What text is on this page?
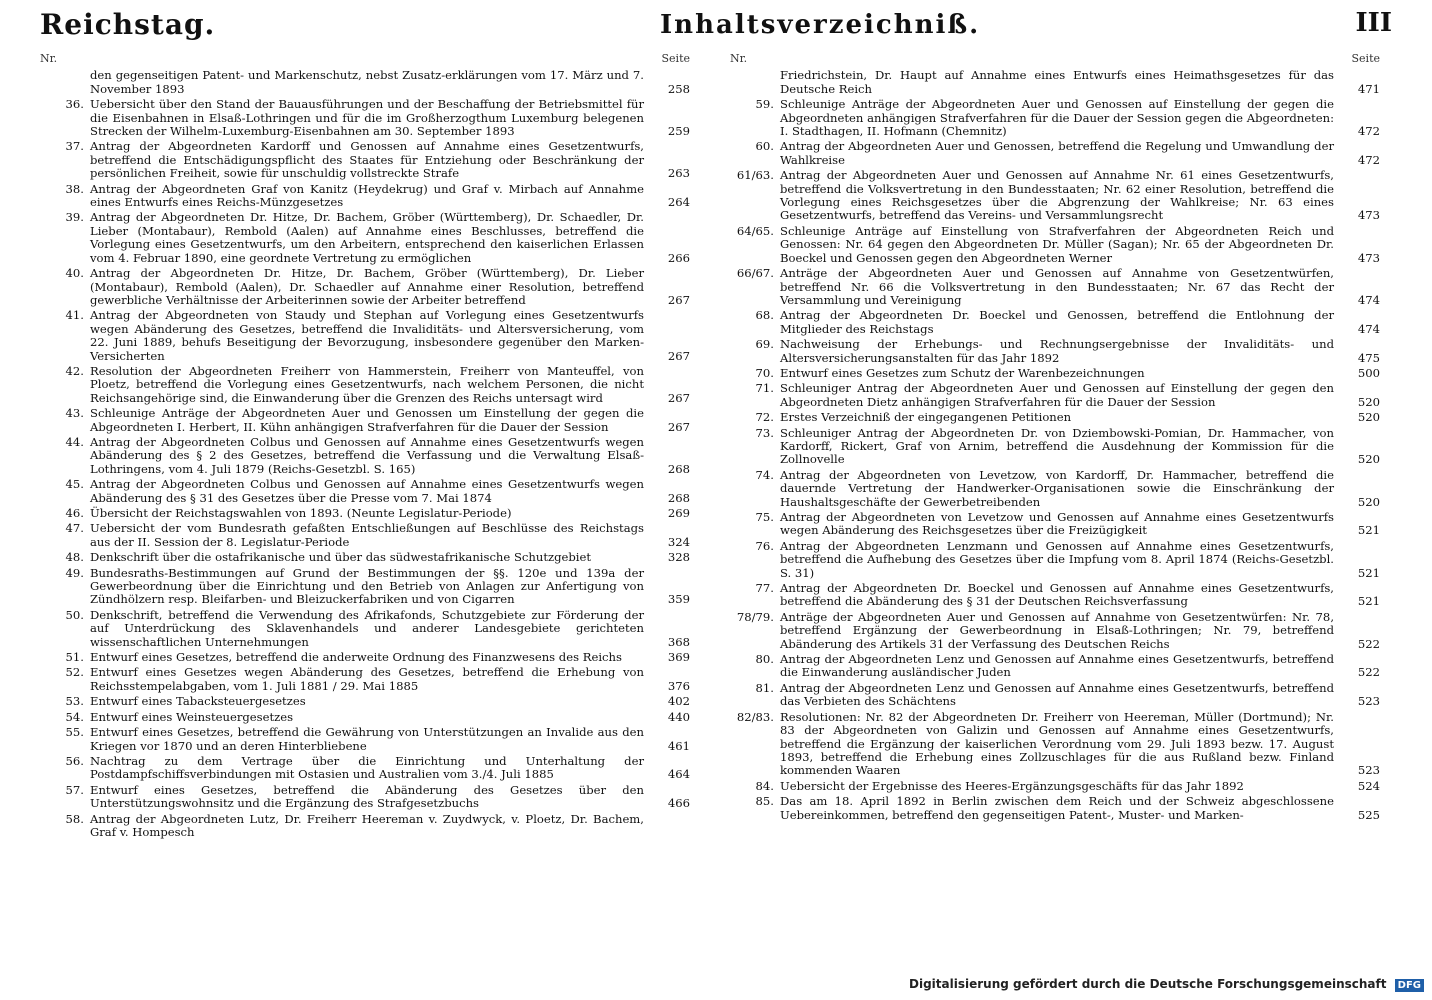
Reichstag.	Inhaltsverzeichniß.	III
Nr.	Seite
den gegenseitigen Patent- und Markenschutz, nebst Zusatz-erklärungen vom 17. März und 7. November 1893	258
36. Uebersicht über den Stand der Bauausführungen und der Beschaffung der Betriebsmittel für die Eisenbahnen in Elsaß-Lothringen und für die im Großherzogthum Luxemburg belegenen Strecken der Wilhelm-Luxemburg-Eisenbahnen am 30. September 1893	259
37. Antrag der Abgeordneten Kardorff und Genossen auf Annahme eines Gesetzentwurfs, betreffend die Entschädigungspflicht des Staates für Entziehung oder Beschränkung der persönlichen Freiheit, sowie für unschuldig vollstreckte Strafe	263
38. Antrag der Abgeordneten Graf von Kanitz (Heydekrug) und Graf v. Mirbach auf Annahme eines Entwurfs eines Reichs-Münzgesetzes	264
39. Antrag der Abgeordneten Dr. Hitze, Dr. Bachem, Gröber (Württemberg), Dr. Schaedler, Dr. Lieber (Montabaur), Rembold (Aalen) auf Annahme eines Beschlusses, betreffend die Vorlegung eines Gesetzentwurfs, um den Arbeitern, entsprechend den kaiserlichen Erlassen vom 4. Februar 1890, eine geordnete Vertretung zu ermöglichen	266
40. Antrag der Abgeordneten Dr. Hitze, Dr. Bachem, Gröber (Württemberg), Dr. Lieber (Montabaur), Rembold (Aalen), Dr. Schaedler auf Annahme einer Resolution, betreffend gewerbliche Verhältnisse der Arbeiterinnen sowie der Arbeiter betreffend	267
41. Antrag der Abgeordneten von Staudy und Stephan auf Vorlegung eines Gesetzentwurfs wegen Abänderung des Gesetzes, betreffend die Invaliditäts- und Altersversicherung, vom 22. Juni 1889, behufs Beseitigung der Bevorzugung, insbesondere gegenüber den Marken-Versicherten	267
42. Resolution der Abgeordneten Freiherr von Hammerstein, Freiherr von Manteuffel, von Ploetz, betreffend die Vorlegung eines Gesetzentwurfs, nach welchem Personen, die nicht Reichsangehörige sind, die Einwanderung über die Grenzen des Reichs untersagt wird	267
43. Schleunige Anträge der Abgeordneten Auer und Genossen um Einstellung der gegen die Abgeordneten I. Herbert, II. Kühn anhängigen Strafverfahren für die Dauer der Session	267
44. Antrag der Abgeordneten Colbus und Genossen auf Annahme eines Gesetzentwurfs wegen Abänderung des § 2 des Gesetzes, betreffend die Verfassung und die Verwaltung Elsaß-Lothringens, vom 4. Juli 1879 (Reichs-Gesetzbl. S. 165)	268
45. Antrag der Abgeordneten Colbus und Genossen auf Annahme eines Gesetzentwurfs wegen Abänderung des § 31 des Gesetzes über die Presse vom 7. Mai 1874	268
46. Übersicht der Reichstagswahlen von 1893. (Neunte Legislatur-Periode)	269
47. Uebersicht der vom Bundesrath gefaßten Entschließungen auf Beschlüsse des Reichstags aus der II. Session der 8. Legislatur-Periode	324
48. Denkschrift über die ostafrikanische und über das südwestafrikanische Schutzgebiet	328
49. Bundesraths-Bestimmungen auf Grund der Bestimmungen der §§. 120e und 139a der Gewerbeordnung über die Einrichtung und den Betrieb von Anlagen zur Anfertigung von Zündhölzern resp. Bleifarben- und Bleizuckerfabriken und von Cigarren	359
50. Denkschrift, betreffend die Verwendung des Afrikafonds, Schutzgebiete zur Förderung der auf Unterdrückung des Sklavenhandels und anderer Landesgebiete gerichteten wissenschaftlichen Unternehmungen	368
51. Entwurf eines Gesetzes, betreffend die anderweite Ordnung des Finanzwesens des Reichs	369
52. Entwurf eines Gesetzes wegen Abänderung des Gesetzes, betreffend die Erhebung von Reichsstempelabgaben, vom 1. Juli 1881 / 29. Mai 1885	376
53. Entwurf eines Tabacksteuergesetzes	402
54. Entwurf eines Weinsteuergesetzes	440
55. Entwurf eines Gesetzes, betreffend die Gewährung von Unterstützungen an Invalide aus den Kriegen vor 1870 und an deren Hinterbliebene	461
56. Nachtrag zu dem Vertrage über die Einrichtung und Unterhaltung der Postdampfschiffsverbindungen mit Ostasien und Australien vom 3./4. Juli 1885	464
57. Entwurf eines Gesetzes, betreffend die Abänderung des Gesetzes über den Unterstützungswohnsitz und die Ergänzung des Strafgesetzbuchs	466
58. Antrag der Abgeordneten Lutz, Dr. Freiherr Heereman v. Zuydwyck, v. Ploetz, Dr. Bachem, Graf v. Hompesch
Nr.	Seite
Friedrichstein, Dr. Haupt auf Annahme eines Entwurfs eines Heimathsgesetzes für das Deutsche Reich	471
59. Schleunige Anträge der Abgeordneten Auer und Genossen auf Einstellung der gegen die Abgeordneten anhängigen Strafverfahren für die Dauer der Session gegen die Abgeordneten: I. Stadthagen, II. Hofmann (Chemnitz)	472
60. Antrag der Abgeordneten Auer und Genossen, betreffend die Regelung und Umwandlung der Wahlkreise	472
61/63. Antrag der Abgeordneten Auer und Genossen auf Annahme Nr. 61 eines Gesetzentwurfs, betreffend die Volksvertretung in den Bundesstaaten; Nr. 62 einer Resolution, betreffend die Vorlegung eines Reichsgesetzes über die Abgrenzung der Wahlkreise; Nr. 63 eines Gesetzentwurfs, betreffend das Vereins- und Versammlungsrecht	473
64/65. Schleunige Anträge auf Einstellung von Strafverfahren der Abgeordneten Reich und Genossen: Nr. 64 gegen den Abgeordneten Dr. Müller (Sagan); Nr. 65 der Abgeordneten Dr. Boeckel und Genossen gegen den Abgeordneten Werner	473
66/67. Anträge der Abgeordneten Auer und Genossen auf Annahme von Gesetzentwürfen, betreffend Nr. 66 die Volksvertretung in den Bundesstaaten; Nr. 67 das Recht der Versammlung und Vereinigung	474
68. Antrag der Abgeordneten Dr. Boeckel und Genossen, betreffend die Entlohnung der Mitglieder des Reichstags	474
69. Nachweisung der Erhebungs- und Rechnungsergebnisse der Invaliditäts- und Altersversicherungsanstalten für das Jahr 1892	475
70. Entwurf eines Gesetzes zum Schutz der Warenbezeichnungen	500
71. Schleuniger Antrag der Abgeordneten Auer und Genossen auf Einstellung der gegen den Abgeordneten Dietz anhängigen Strafverfahren für die Dauer der Session	520
72. Erstes Verzeichniß der eingegangenen Petitionen	520
73. Schleuniger Antrag der Abgeordneten Dr. von Dziembowski-Pomian, Dr. Hammacher, von Kardorff, Rickert, Graf von Arnim, betreffend die Ausdehnung der Kommission für die Zollnovelle	520
74. Antrag der Abgeordneten von Levetzow, von Kardorff, Dr. Hammacher, betreffend die dauernde Vertretung der Handwerker-Organisationen sowie die Einschränkung der Haushaltsgeschäfte der Gewerbetreibenden	520
75. Antrag der Abgeordneten von Levetzow und Genossen auf Annahme eines Gesetzentwurfs wegen Abänderung des Reichsgesetzes über die Freizügigkeit	521
76. Antrag der Abgeordneten Lenzmann und Genossen auf Annahme eines Gesetzentwurfs, betreffend die Aufhebung des Gesetzes über die Impfung vom 8. April 1874 (Reichs-Gesetzbl. S. 31)	521
77. Antrag der Abgeordneten Dr. Boeckel und Genossen auf Annahme eines Gesetzentwurfs, betreffend die Abänderung des § 31 der Deutschen Reichsverfassung	521
78/79. Anträge der Abgeordneten Auer und Genossen auf Annahme von Gesetzentwürfen: Nr. 78, betreffend Ergänzung der Gewerbeordnung in Elsaß-Lothringen; Nr. 79, betreffend Abänderung des Artikels 31 der Verfassung des Deutschen Reichs	522
80. Antrag der Abgeordneten Lenz und Genossen auf Annahme eines Gesetzentwurfs, betreffend die Einwanderung ausländischer Juden	522
81. Antrag der Abgeordneten Lenz und Genossen auf Annahme eines Gesetzentwurfs, betreffend das Verbieten des Schächtens	523
82/83. Resolutionen: Nr. 82 der Abgeordneten Dr. Freiherr von Heereman, Müller (Dortmund); Nr. 83 der Abgeordneten von Galizin und Genossen auf Annahme eines Gesetzentwurfs, betreffend die Ergänzung der kaiserlichen Verordnung vom 29. Juli 1893 bezw. 17. August 1893, betreffend die Erhebung eines Zollzuschlages für die aus Rußland bezw. Finland kommenden Waaren	523
84. Uebersicht der Ergebnisse des Heeres-Ergänzungsgeschäfts für das Jahr 1892	524
85. Das am 18. April 1892 in Berlin zwischen dem Reich und der Schweiz abgeschlossene Uebereinkommen, betreffend den gegenseitigen Patent-, Muster- und Marken-	525
Digitalisierung gefördert durch die Deutsche Forschungsgemeinschaft DFG
